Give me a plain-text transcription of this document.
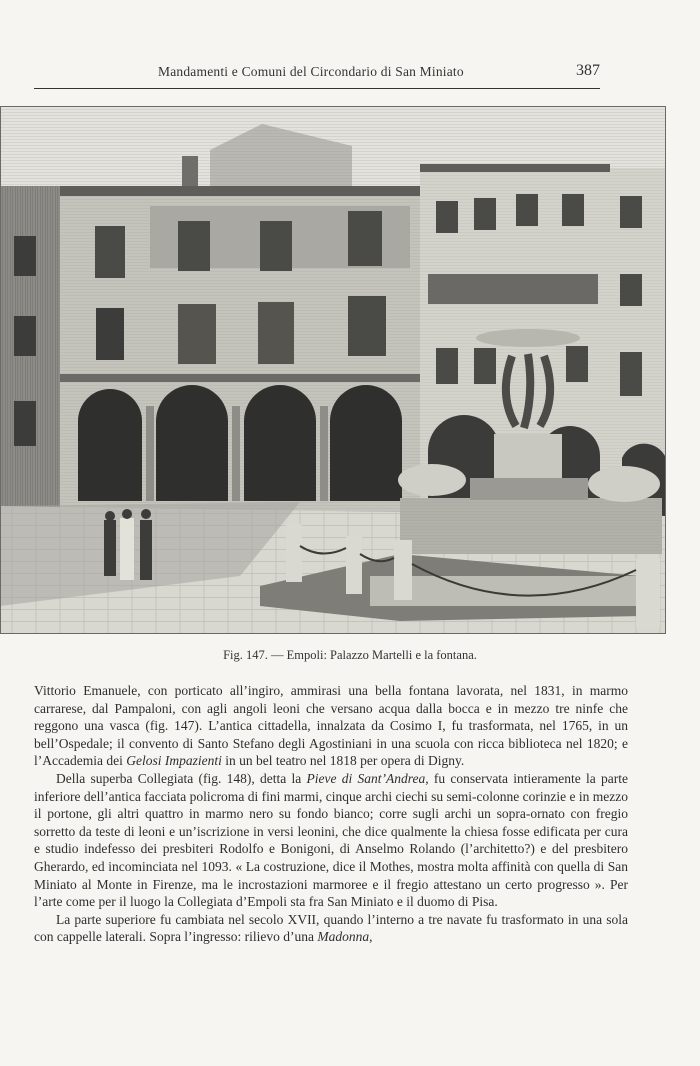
Mandamenti e Comuni del Circondario di San Miniato	387
Fig. 147. — Empoli: Palazzo Martelli e la fontana.

Vittorio Emanuele, con porticato all’ingiro, ammirasi una bella fontana lavorata, nel 1831, in marmo carrarese, dal Pampaloni, con agli angoli leoni che versano acqua dalla bocca e in mezzo tre ninfe che reggono una vasca (fig. 147). L’antica cittadella, innalzata da Cosimo I, fu trasformata, nel 1765, in un bell’Ospedale; il convento di Santo Stefano degli Agostiniani in una scuola con ricca biblioteca nel 1820; e l’Accademia dei Gelosi Impazienti in un bel teatro nel 1818 per opera di Digny.

Della superba Collegiata (fig. 148), detta la Pieve di Sant’Andrea, fu conservata intieramente la parte inferiore dell’antica facciata policroma di fini marmi, cinque archi ciechi su semi-colonne corinzie e in mezzo il portone, gli altri quattro in marmo nero su fondo bianco; corre sugli archi un sopra-ornato con fregio sorretto da teste di leoni e un’iscrizione in versi leonini, che dice qualmente la chiesa fosse edificata per cura e studio indefesso dei presbiteri Rodolfo e Bonigoni, di Anselmo Rolando (l’architetto?) e del presbitero Gherardo, ed incominciata nel 1093. « La costruzione, dice il Mothes, mostra molta affinità con quella di San Miniato al Monte in Firenze, ma le incrostazioni marmoree e il fregio attestano un certo progresso ». Per l’arte come per il luogo la Collegiata d’Empoli sta fra San Miniato e il duomo di Pisa.

La parte superiore fu cambiata nel secolo XVII, quando l’interno a tre navate fu trasformato in una sola con cappelle laterali. Sopra l’ingresso: rilievo d’una Madonna,
